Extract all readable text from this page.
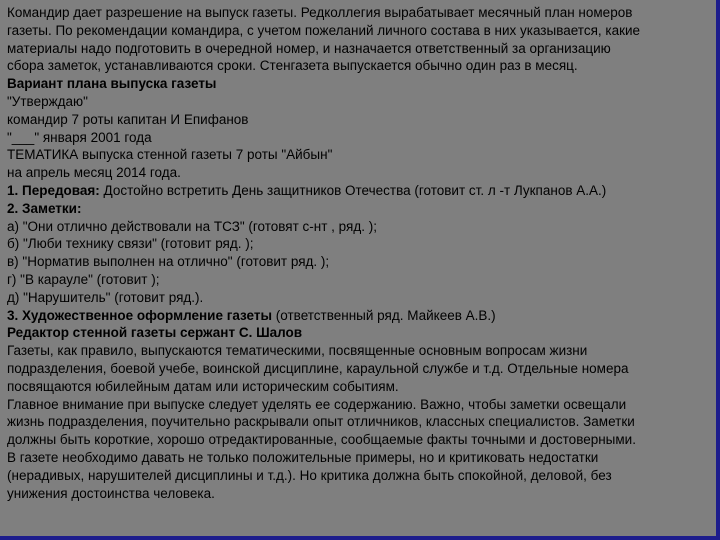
Командир дает разрешение на выпуск газеты. Редколлегия вырабатывает месячный план номеров
газеты. По рекомендации командира, с учетом пожеланий личного состава в них указывается, какие
материалы надо подготовить в очередной номер, и назначается ответственный за организацию
сбора заметок, устанавливаются сроки. Стенгазета выпускается обычно один раз в месяц.
Вариант плана выпуска газеты
"Утверждаю"
командир 7 роты капитан И Епифанов
"___" января 2001 года
ТЕМАТИКА выпуска стенной газеты 7 роты "Айбын"
на апрель месяц 2014 года.
1. Передовая: Достойно встретить День защитников Отечества (готовит ст. л -т Лукпанов А.А.)
2. Заметки:
а) "Они отлично действовали на ТСЗ" (готовят с-нт , ряд. );
б) "Люби технику связи" (готовит ряд. );
в) "Норматив выполнен на отлично" (готовит ряд. );
г) "В карауле" (готовит );
д) "Нарушитель" (готовит ряд.).
3. Художественное оформление газеты (ответственный ряд. Майкеев А.В.)
Редактор стенной газеты сержант С. Шалов
Газеты, как правило, выпускаются тематическими, посвященные основным вопросам жизни
подразделения, боевой учебе, воинской дисциплине, караульной службе и т.д. Отдельные номера
посвящаются юбилейным датам или историческим событиям.
Главное внимание при выпуске следует уделять ее содержанию. Важно, чтобы заметки освещали
жизнь подразделения, поучительно раскрывали опыт отличников, классных специалистов. Заметки
должны быть короткие, хорошо отредактированные, сообщаемые факты точными и достоверными.
В газете необходимо давать не только положительные примеры, но и критиковать недостатки
(нерадивых, нарушителей дисциплины и т.д.). Но критика должна быть спокойной, деловой, без
унижения достоинства человека.
